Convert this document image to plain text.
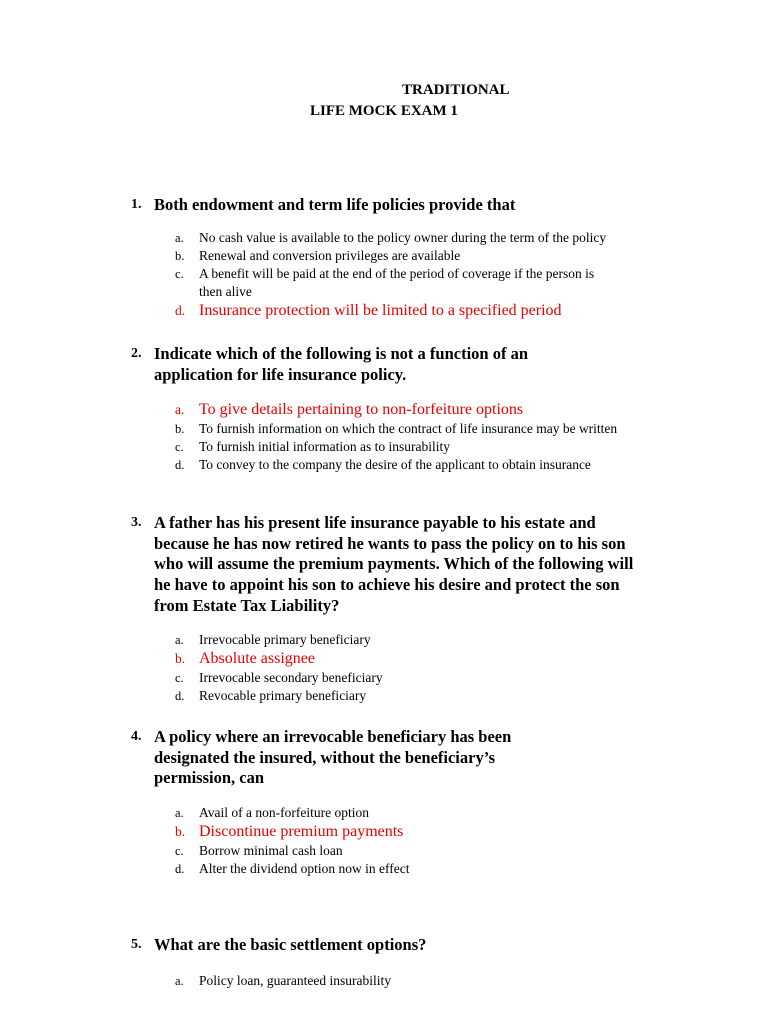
TRADITIONAL
LIFE MOCK EXAM 1
1. Both endowment and term life policies provide that
a.	No cash value is available to the policy owner during the term of the policy
b.	Renewal and conversion privileges are available
c.	A benefit will be paid at the end of the period of coverage if the person is then alive
d. Insurance protection will be limited to a specified period
2. Indicate which of the following is not a function of an application for life insurance policy.
a. To give details pertaining to non-forfeiture options
b.	To furnish information on which the contract of life insurance may be written
c.	To furnish initial information as to insurability
d.	To convey to the company the desire of the applicant to obtain insurance
3. A father has his present life insurance payable to his estate and because he has now retired he wants to pass the policy on to his son who will assume the premium payments. Which of the following will he have to appoint his son to achieve his desire and protect the son from Estate Tax Liability?
a.	Irrevocable primary beneficiary
b. Absolute assignee
c.	Irrevocable secondary beneficiary
d.	Revocable primary beneficiary
4. A policy where an irrevocable beneficiary has been designated the insured, without the beneficiary’s permission, can
a.	Avail of a non-forfeiture option
b. Discontinue premium payments
c.	Borrow minimal cash loan
d.	Alter the dividend option now in effect
5. What are the basic settlement options?
a.	Policy loan, guaranteed insurability
